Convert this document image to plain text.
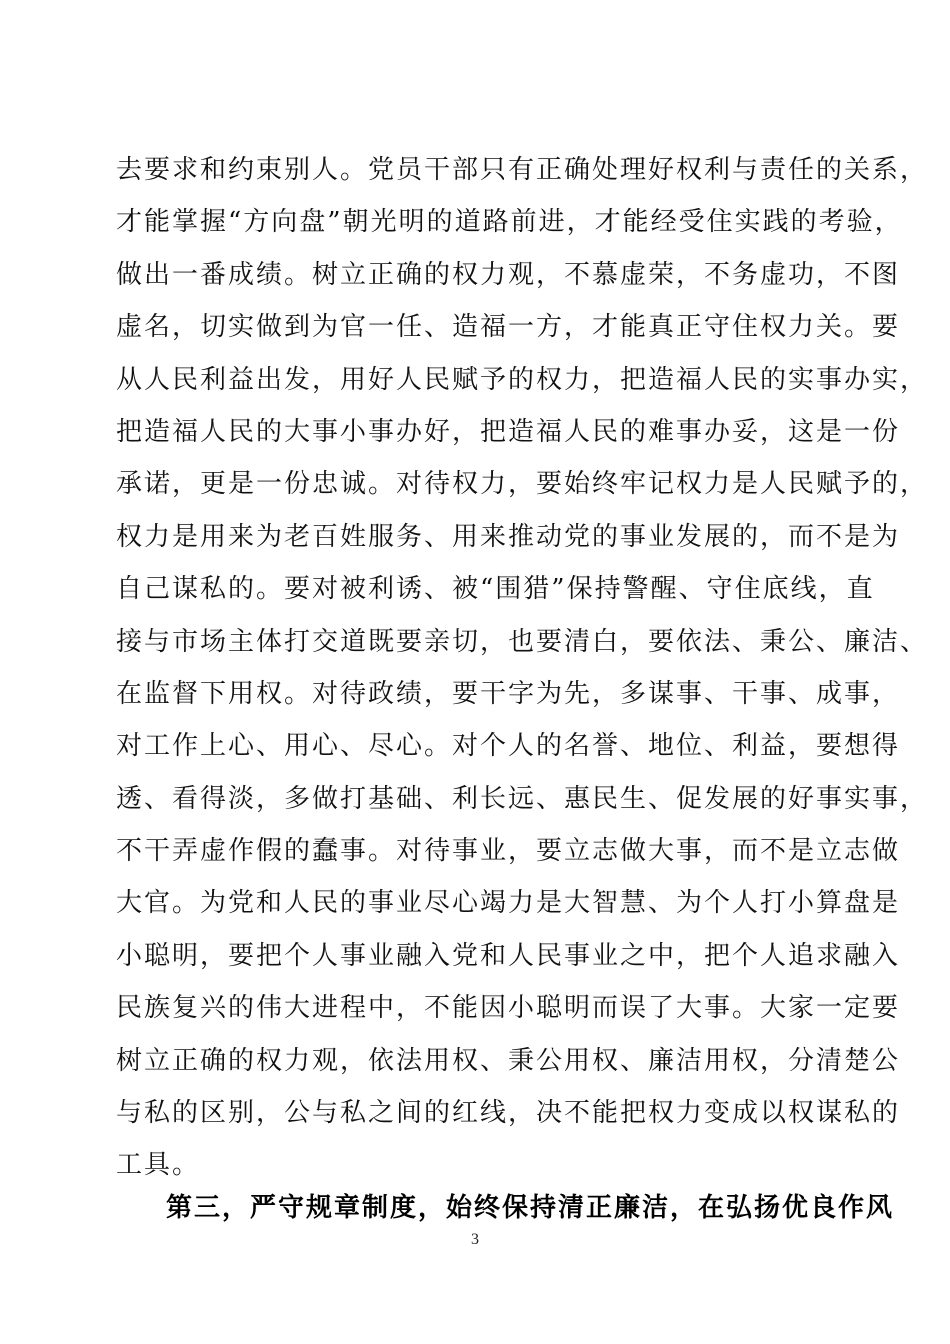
去要求和约束别人。党员干部只有正确处理好权利与责任的关系，
才能掌握“方向盘”朝光明的道路前进，才能经受住实践的考验，
做出一番成绩。树立正确的权力观，不慕虚荣，不务虚功，不图
虚名，切实做到为官一任、造福一方，才能真正守住权力关。要
从人民利益出发，用好人民赋予的权力，把造福人民的实事办实，
把造福人民的大事小事办好，把造福人民的难事办妥，这是一份
承诺，更是一份忠诚。对待权力，要始终牢记权力是人民赋予的，
权力是用来为老百姓服务、用来推动党的事业发展的，而不是为
自己谋私的。要对被利诱、被“围猎”保持警醒、守住底线，直
接与市场主体打交道既要亲切，也要清白，要依法、秉公、廉洁、
在监督下用权。对待政绩，要干字为先，多谋事、干事、成事，
对工作上心、用心、尽心。对个人的名誉、地位、利益，要想得
透、看得淡，多做打基础、利长远、惠民生、促发展的好事实事，
不干弄虚作假的蠢事。对待事业，要立志做大事，而不是立志做
大官。为党和人民的事业尽心竭力是大智慧、为个人打小算盘是
小聪明，要把个人事业融入党和人民事业之中，把个人追求融入
民族复兴的伟大进程中，不能因小聪明而误了大事。大家一定要
树立正确的权力观，依法用权、秉公用权、廉洁用权，分清楚公
与私的区别，公与私之间的红线，决不能把权力变成以权谋私的
工具。
第三，严守规章制度，始终保持清正廉洁，在弘扬优良作风
3
